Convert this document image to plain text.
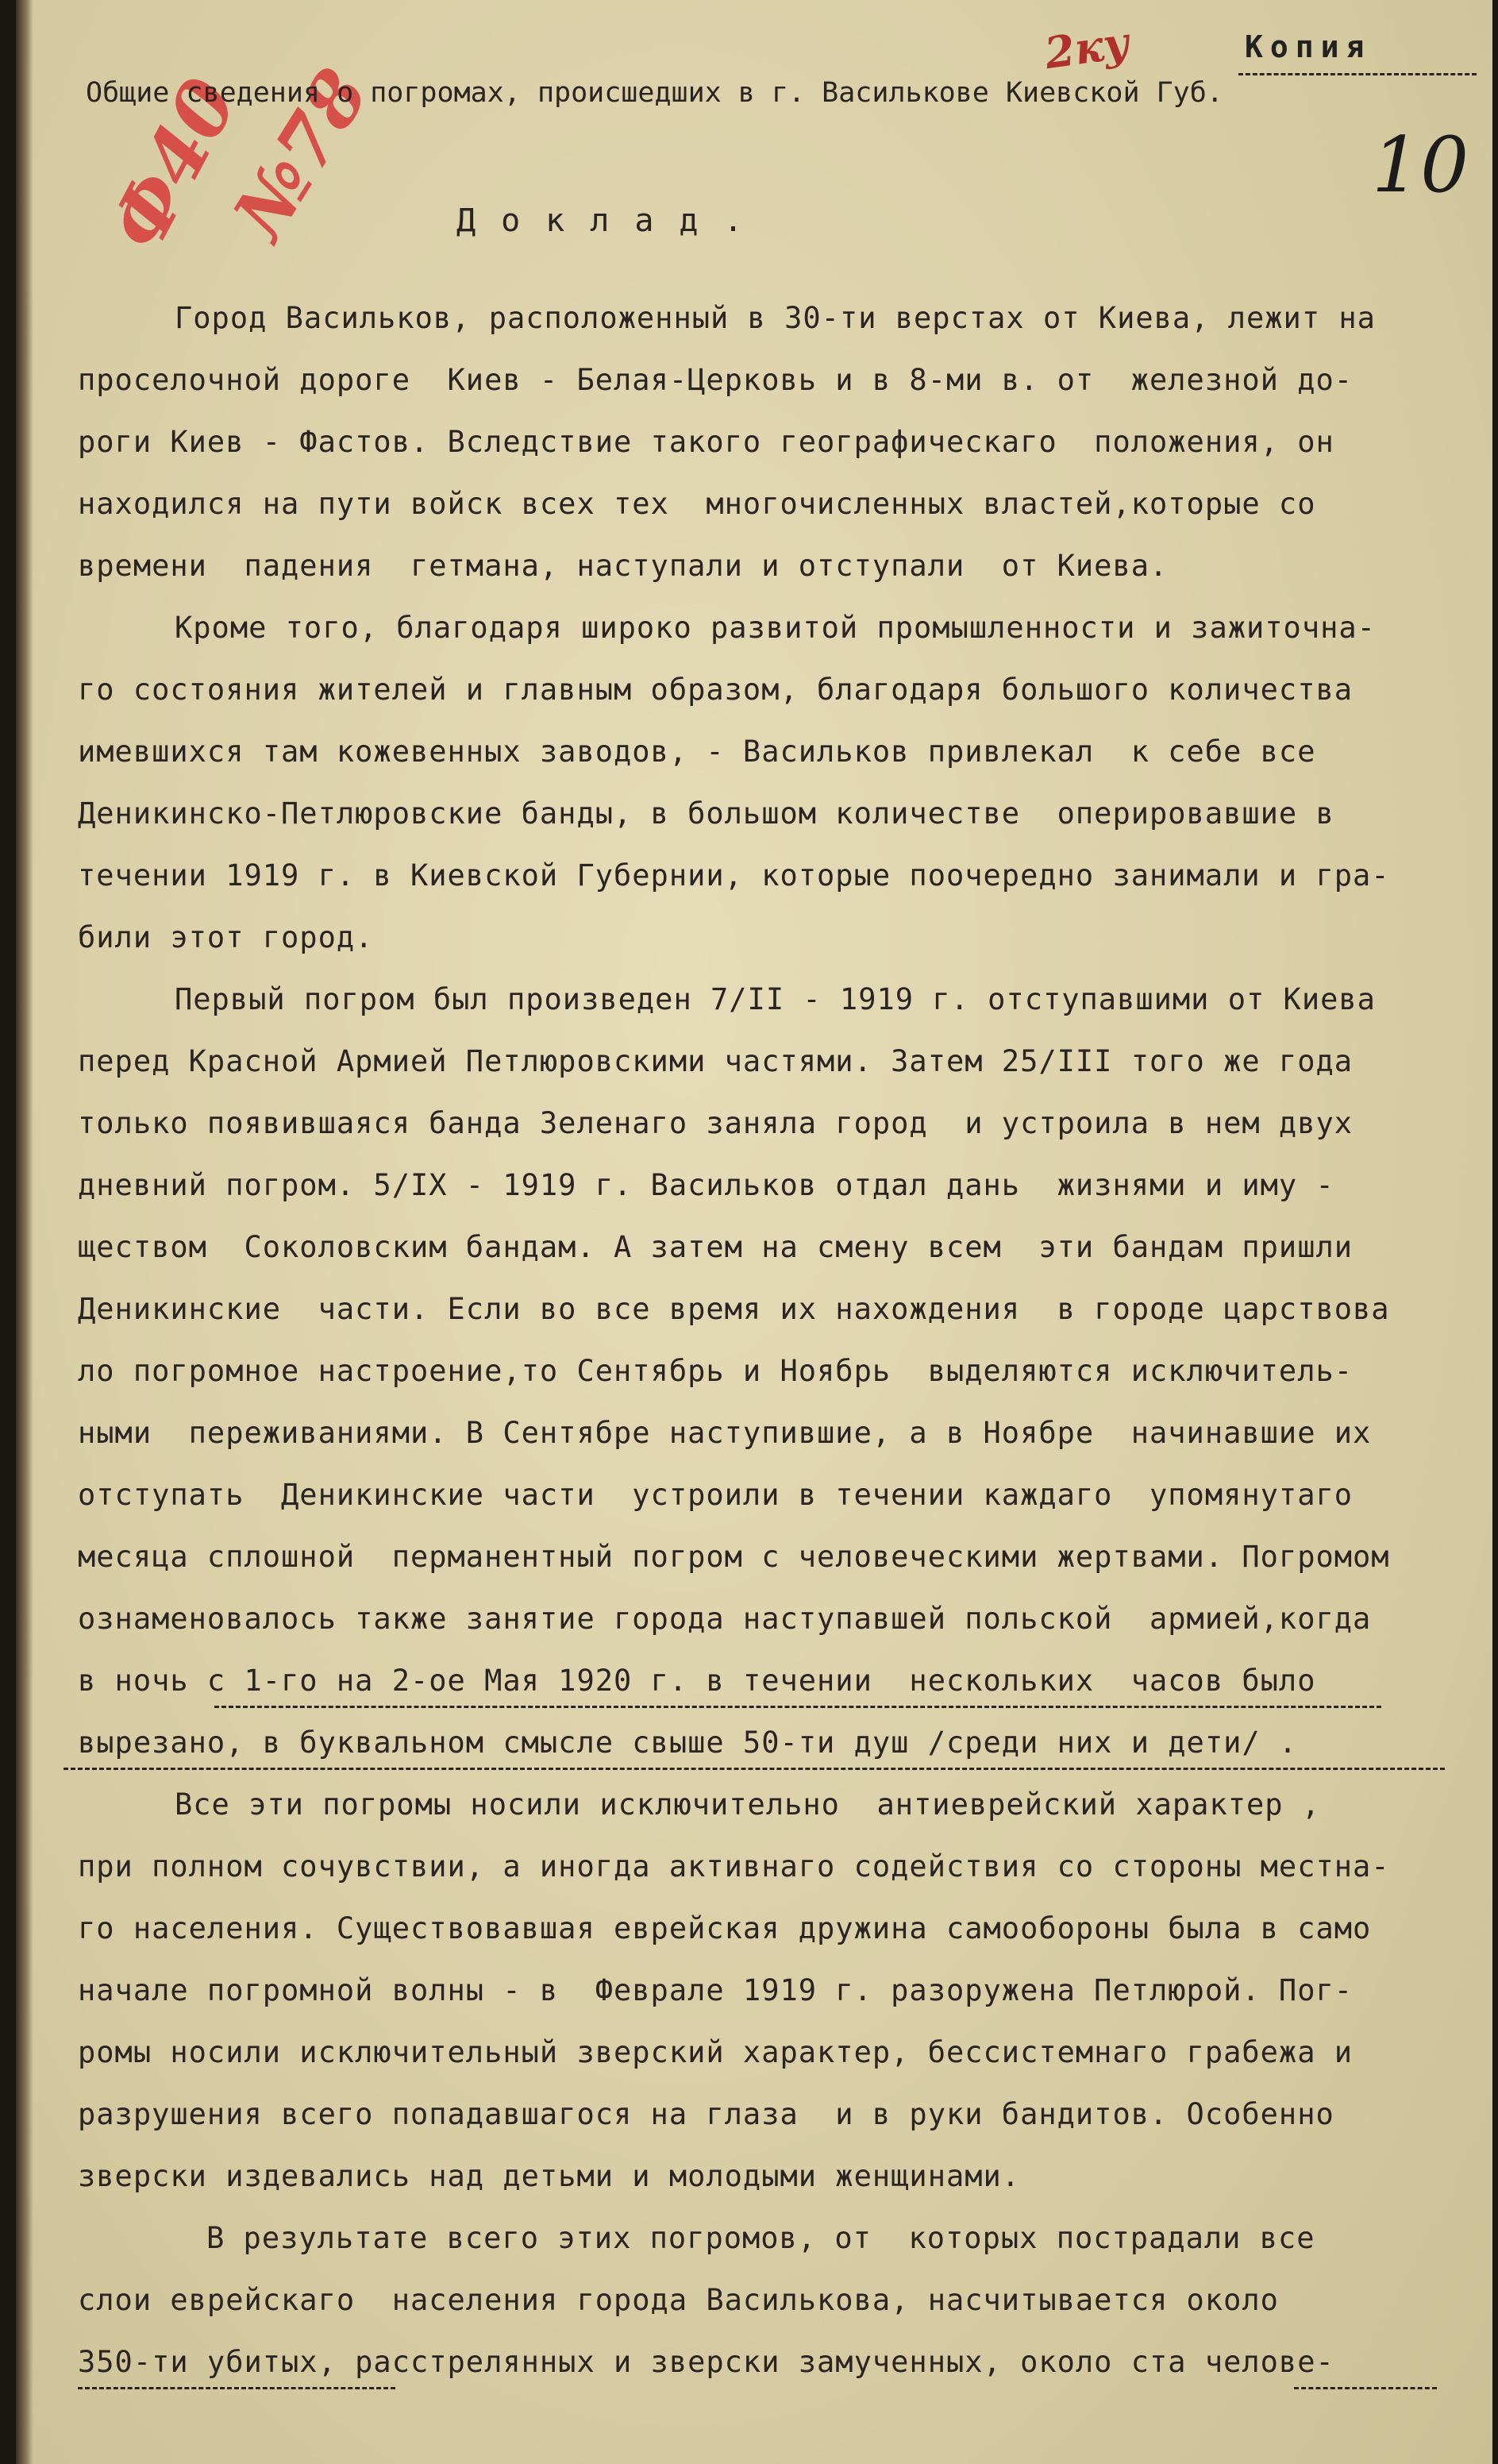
Ф40
№78
2ку
10
Копия
Общие сведения о погромах, происшедших в г. Василькове Киевской Губ.
Доклад.
Город Васильков, расположенный в 30-ти верстах от Киева, лежит на
проселочной дороге  Киев - Белая-Церковь и в 8-ми в. от  железной до-
роги Киев - Фастов. Вследствие такого географическаго  положения, он
находился на пути войск всех тех  многочисленных властей,которые со
времени  падения  гетмана, наступали и отступали  от Киева.
Кроме того, благодаря широко развитой промышленности и зажиточна-
го состояния жителей и главным образом, благодаря большого количества
имевшихся там кожевенных заводов, - Васильков привлекал  к себе все
Деникинско-Петлюровские банды, в большом количестве  оперировавшие в
течении 1919 г. в Киевской Губернии, которые поочередно занимали и гра-
били этот город.
Первый погром был произведен 7/II - 1919 г. отступавшими от Киева
перед Красной Армией Петлюровскими частями. Затем 25/III того же года
только появившаяся банда Зеленаго заняла город  и устроила в нем двух
дневний погром. 5/IX - 1919 г. Васильков отдал дань  жизнями и иму -
ществом  Соколовским бандам. А затем на смену всем  эти бандам пришли
Деникинские  части. Если во все время их нахождения  в городе царствова
ло погромное настроение,то Сентябрь и Ноябрь  выделяются исключитель-
ными  переживаниями. В Сентябре наступившие, а в Ноябре  начинавшие их
отступать  Деникинские части  устроили в течении каждаго  упомянутаго
месяца сплошной  перманентный погром с человеческими жертвами. Погромом
ознаменовалось также занятие города наступавшей польской  армией,когда
в ночь с 1-го на 2-ое Мая 1920 г. в течении  нескольких  часов было
вырезано, в буквальном смысле свыше 50-ти душ /среди них и дети/ .
Все эти погромы носили исключительно  антиеврейский характер ,
при полном сочувствии, а иногда активнаго содействия со стороны местна-
го населения. Существовавшая еврейская дружина самообороны была в само
начале погромной волны - в  Феврале 1919 г. разоружена Петлюрой. Пог-
ромы носили исключительный зверский характер, бессистемнаго грабежа и
разрушения всего попадавшагося на глаза  и в руки бандитов. Особенно
зверски издевались над детьми и молодыми женщинами.
В результате всего этих погромов, от  которых пострадали все
слои еврейскаго  населения города Василькова, насчитывается около
350-ти убитых, расстрелянных и зверски замученных, около ста челове-
